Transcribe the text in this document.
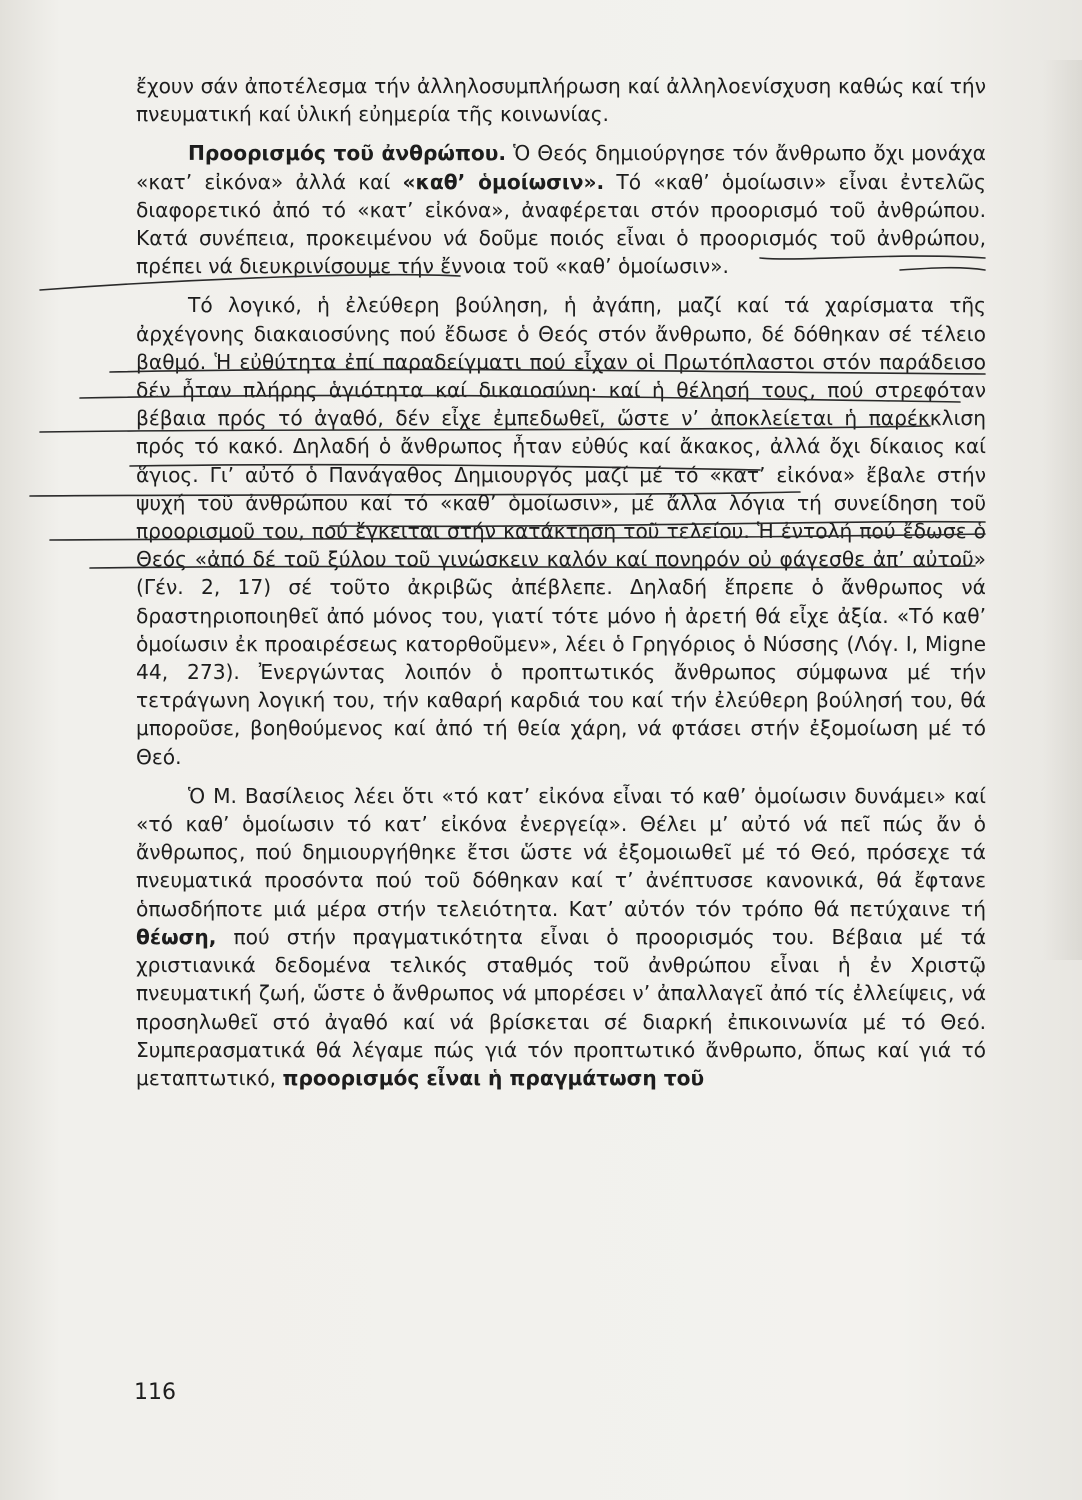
ἔχουν σάν ἀποτέλεσμα τήν ἀλληλοσυμπλήρωση καί ἀλληλοενίσχυση καθώς καί τήν πνευματική καί ὑλική εὐημερία τῆς κοινωνίας.

Προορισμός τοῦ ἀνθρώπου. Ὁ Θεός δημιούργησε τόν ἄνθρωπο ὄχι μονάχα «κατ’ εἰκόνα» ἀλλά καί «καθ’ ὁμοίωσιν». Τό «καθ’ ὁμοίωσιν» εἶναι ἐντελῶς διαφορετικό ἀπό τό «κατ’ εἰκόνα», ἀναφέρεται στόν προορισμό τοῦ ἀνθρώπου. Κατά συνέπεια, προκειμένου νά δοῦμε ποιός εἶναι ὁ προορισμός τοῦ ἀνθρώπου, πρέπει νά διευκρινίσουμε τήν ἔννοια τοῦ «καθ’ ὁμοίωσιν».

Τό λογικό, ἡ ἐλεύθερη βούληση, ἡ ἀγάπη, μαζί καί τά χαρίσματα τῆς ἀρχέγονης διακαιοσύνης πού ἔδωσε ὁ Θεός στόν ἄνθρωπο, δέ δόθηκαν σέ τέλειο βαθμό. Ἡ εὐθύτητα ἐπί παραδείγματι πού εἶχαν οἱ Πρωτόπλαστοι στόν παράδεισο δέν ἦταν πλήρης ἁγιότητα καί δικαιοσύνη· καί ἡ θέλησή τους, πού στρεφόταν βέβαια πρός τό ἀγαθό, δέν εἶχε ἐμπεδωθεῖ, ὥστε ν’ ἀποκλείεται ἡ παρέκκλιση πρός τό κακό. Δηλαδή ὁ ἄνθρωπος ἦταν εὐθύς καί ἄκακος, ἀλλά ὄχι δίκαιος καί ἅγιος. Γι’ αὐτό ὁ Πανάγαθος Δημιουργός μαζί μέ τό «κατ’ εἰκόνα» ἔβαλε στήν ψυχή τοῦ ἀνθρώπου καί τό «καθ’ ὁμοίωσιν», μέ ἄλλα λόγια τή συνείδηση τοῦ προορισμοῦ του, πού ἔγκειται στήν κατάκτηση τοῦ τελείου. Ἡ ἐντολή πού ἔδωσε ὁ Θεός «ἀπό δέ τοῦ ξύλου τοῦ γινώσκειν καλόν καί πονηρόν οὐ φάγεσθε ἀπ’ αὐτοῦ» (Γέν. 2, 17) σέ τοῦτο ἀκριβῶς ἀπέβλεπε. Δηλαδή ἔπρεπε ὁ ἄνθρωπος νά δραστηριοποιηθεῖ ἀπό μόνος του, γιατί τότε μόνο ἡ ἀρετή θά εἶχε ἀξία. «Τό καθ’ ὁμοίωσιν ἐκ προαιρέσεως κατορθοῦμεν», λέει ὁ Γρηγόριος ὁ Νύσσης (Λόγ. Ι, Migne 44, 273). Ἐνεργώντας λοιπόν ὁ προπτωτικός ἄνθρωπος σύμφωνα μέ τήν τετράγωνη λογική του, τήν καθαρή καρδιά του καί τήν ἐλεύθερη βούλησή του, θά μποροῦσε, βοηθούμενος καί ἀπό τή θεία χάρη, νά φτάσει στήν ἐξομοίωση μέ τό Θεό.

Ὁ Μ. Βασίλειος λέει ὅτι «τό κατ’ εἰκόνα εἶναι τό καθ’ ὁμοίωσιν δυνάμει» καί «τό καθ’ ὁμοίωσιν τό κατ’ εἰκόνα ἐνεργείᾳ». Θέλει μ’ αὐτό νά πεῖ πώς ἄν ὁ ἄνθρωπος, πού δημιουργήθηκε ἔτσι ὥστε νά ἐξομοιωθεῖ μέ τό Θεό, πρόσεχε τά πνευματικά προσόντα πού τοῦ δόθηκαν καί τ’ ἀνέπτυσσε κανονικά, θά ἔφτανε ὁπωσδήποτε μιά μέρα στήν τελειότητα. Κατ’ αὐτόν τόν τρόπο θά πετύχαινε τή θέωση, πού στήν πραγματικότητα εἶναι ὁ προορισμός του. Βέβαια μέ τά χριστιανικά δεδομένα τελικός σταθμός τοῦ ἀνθρώπου εἶναι ἡ ἐν Χριστῷ πνευματική ζωή, ὥστε ὁ ἄνθρωπος νά μπορέσει ν’ ἀπαλλαγεῖ ἀπό τίς ἐλλείψεις, νά προσηλωθεῖ στό ἀγαθό καί νά βρίσκεται σέ διαρκή ἐπικοινωνία μέ τό Θεό. Συμπερασματικά θά λέγαμε πώς γιά τόν προπτωτικό ἄνθρωπο, ὅπως καί γιά τό μεταπτωτικό, προορισμός εἶναι ἡ πραγμάτωση τοῦ

116
